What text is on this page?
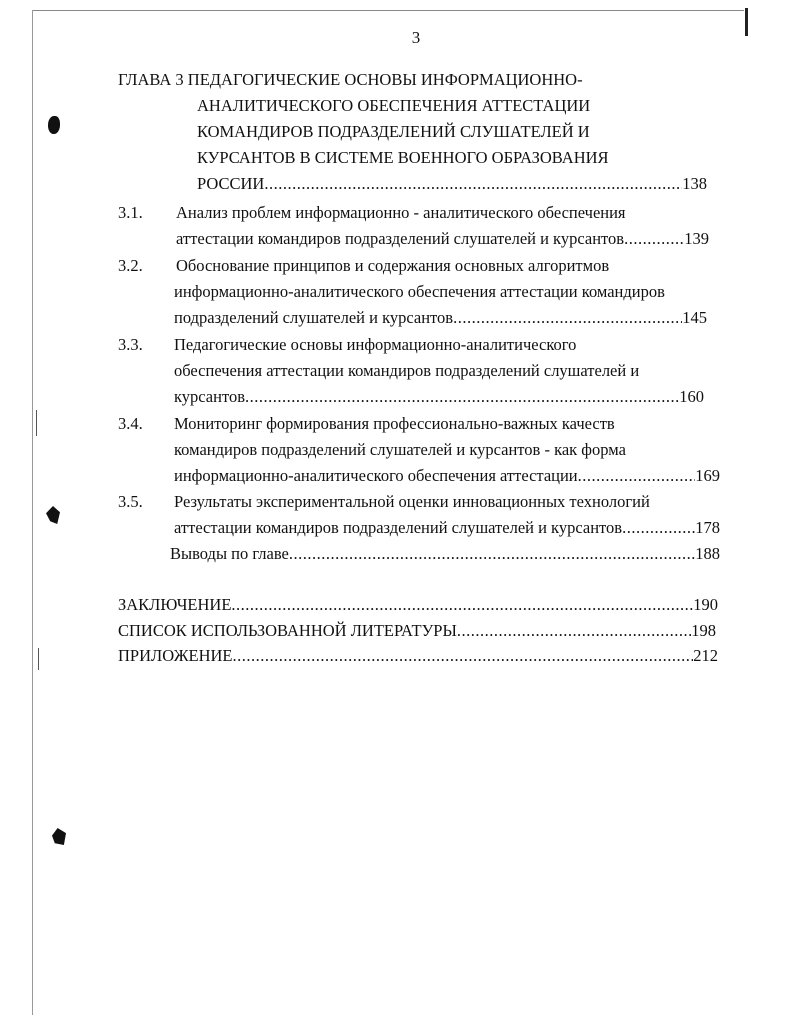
3
ГЛАВА 3 ПЕДАГОГИЧЕСКИЕ ОСНОВЫ ИНФОРМАЦИОННО-
АНАЛИТИЧЕСКОГО ОБЕСПЕЧЕНИЯ АТТЕСТАЦИИ
КОМАНДИРОВ ПОДРАЗДЕЛЕНИЙ СЛУШАТЕЛЕЙ И
КУРСАНТОВ В СИСТЕМЕ ВОЕННОГО ОБРАЗОВАНИЯ
РОССИИ .....	138
3.1. Анализ проблем информационно - аналитического обеспечения
аттестации командиров подразделений слушателей и курсантов .....	139
3.2. Обоснование принципов и содержания основных алгоритмов
информационно-аналитического обеспечения аттестации командиров
подразделений слушателей и курсантов .....	145
3.3. Педагогические основы информационно-аналитического
обеспечения аттестации командиров подразделений слушателей и
курсантов .....	160
3.4. Мониторинг формирования профессионально-важных качеств
командиров подразделений слушателей и курсантов - как форма
информационно-аналитического обеспечения аттестации .....	169
3.5. Результаты экспериментальной оценки инновационных технологий
аттестации командиров подразделений слушателей и курсантов .....	178
Выводы по главе .....	188
ЗАКЛЮЧЕНИЕ .....	190
СПИСОК ИСПОЛЬЗОВАННОЙ ЛИТЕРАТУРЫ .....	198
ПРИЛОЖЕНИЕ .....	212
